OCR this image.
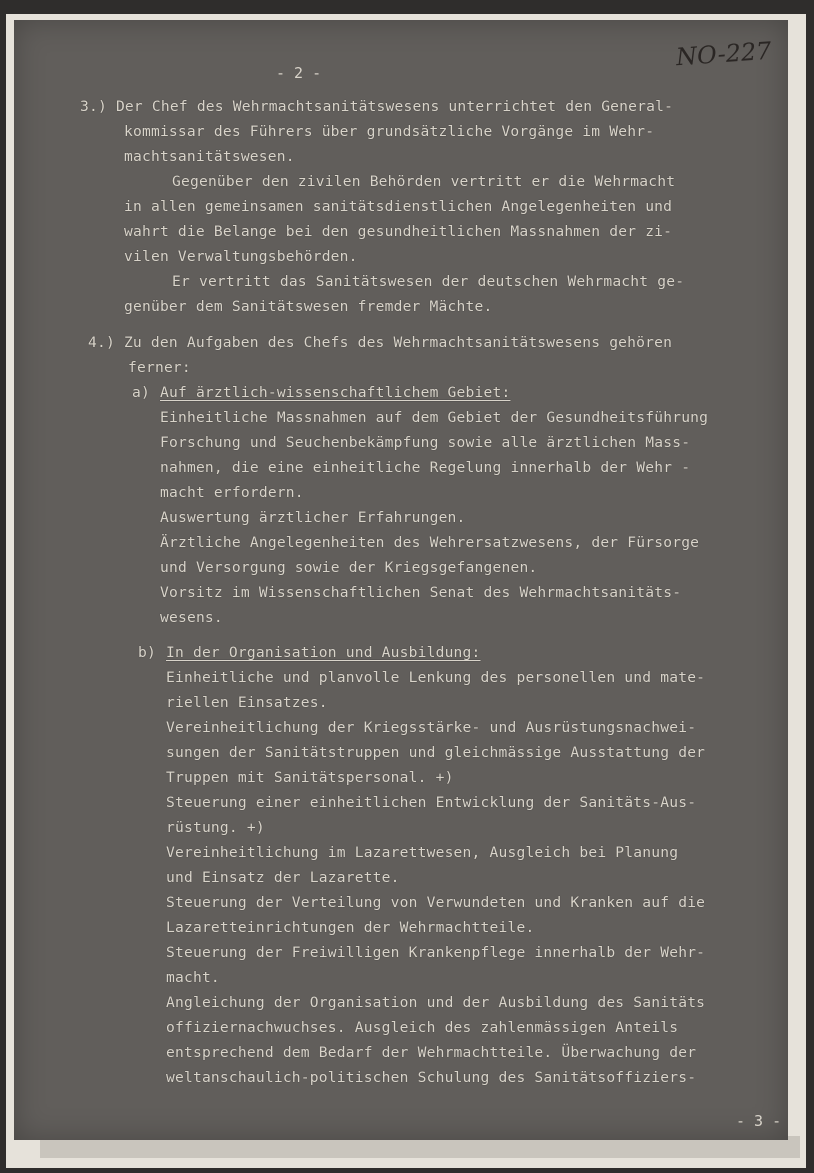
- 2 -
NO-227
3.) Der Chef des Wehrmachtsanitätswesens unterrichtet den General-
kommissar des Führers über grundsätzliche Vorgänge im Wehr-
machtsanitätswesen.
Gegenüber den zivilen Behörden vertritt er die Wehrmacht
in allen gemeinsamen sanitätsdienstlichen Angelegenheiten und
wahrt die Belange bei den gesundheitlichen Massnahmen der zi-
vilen Verwaltungsbehörden.
Er vertritt das Sanitätswesen der deutschen Wehrmacht ge-
genüber dem Sanitätswesen fremder Mächte.
4.) Zu den Aufgaben des Chefs des Wehrmachtsanitätswesens gehören
ferner:
a) Auf ärztlich-wissenschaftlichem Gebiet:
Einheitliche Massnahmen auf dem Gebiet der Gesundheitsführung
Forschung und Seuchenbekämpfung sowie alle ärztlichen Mass-
nahmen, die eine einheitliche Regelung innerhalb der Wehr -
macht erfordern.
Auswertung ärztlicher Erfahrungen.
Ärztliche Angelegenheiten des Wehrersatzwesens, der Fürsorge
und Versorgung sowie der Kriegsgefangenen.
Vorsitz im Wissenschaftlichen Senat des Wehrmachtsanitäts-
wesens.
b) In der Organisation und Ausbildung:
Einheitliche und planvolle Lenkung des personellen und mate-
riellen Einsatzes.
Vereinheitlichung der Kriegsstärke- und Ausrüstungsnachwei-
sungen der Sanitätstruppen und gleichmässige Ausstattung der
Truppen mit Sanitätspersonal. +)
Steuerung einer einheitlichen Entwicklung der Sanitäts-Aus-
rüstung. +)
Vereinheitlichung im Lazarettwesen, Ausgleich bei Planung
und Einsatz der Lazarette.
Steuerung der Verteilung von Verwundeten und Kranken auf die
Lazaretteinrichtungen der Wehrmachtteile.
Steuerung der Freiwilligen Krankenpflege innerhalb der Wehr-
macht.
Angleichung der Organisation und der Ausbildung des Sanitäts
offiziernachwuchses. Ausgleich des zahlenmässigen Anteils
entsprechend dem Bedarf der Wehrmachtteile. Überwachung der
weltanschaulich-politischen Schulung des Sanitätsoffiziers-
- 3 -
